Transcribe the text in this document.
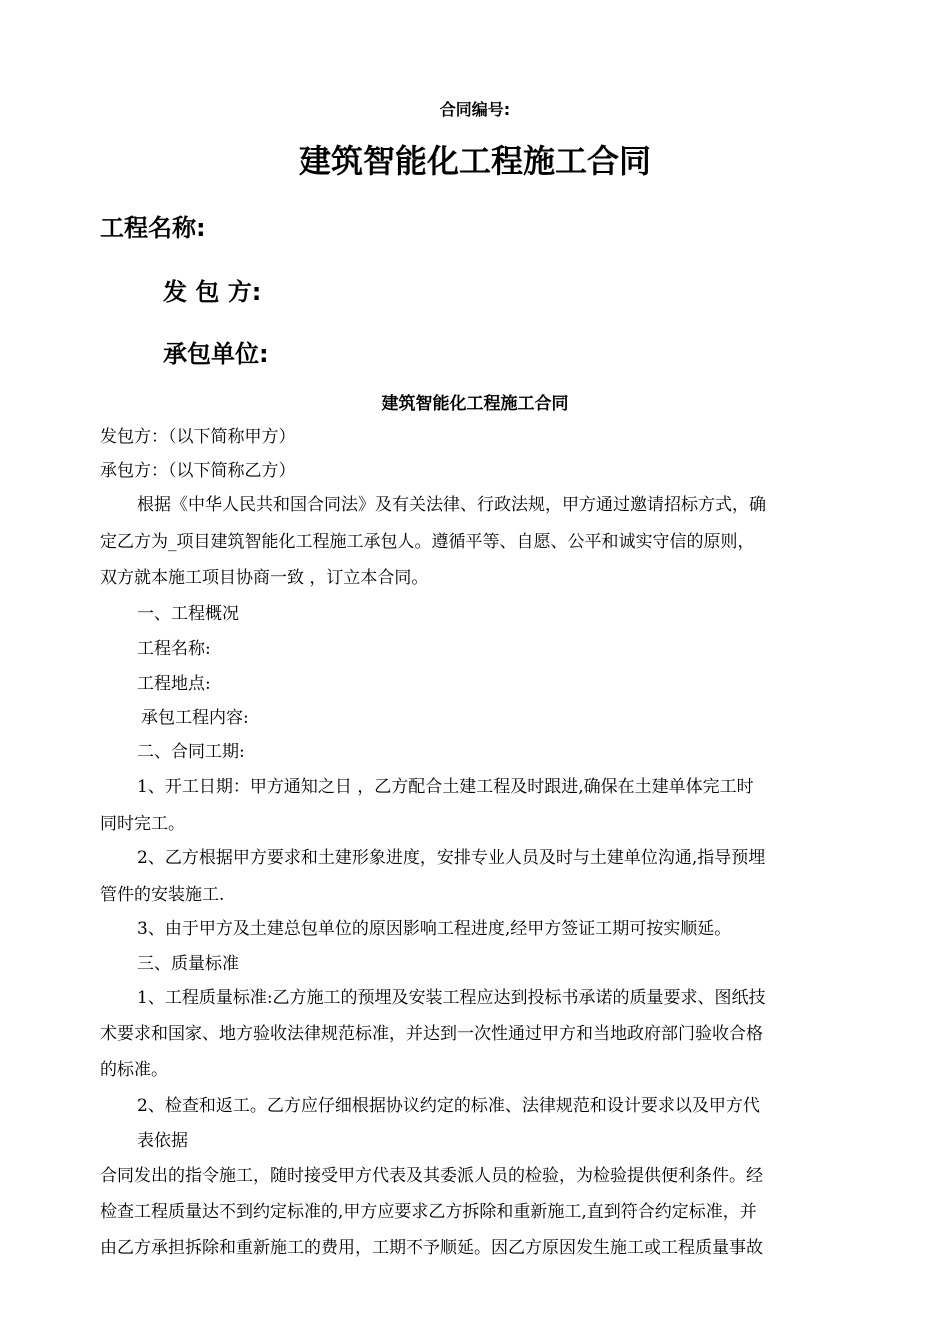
合同编号:
建筑智能化工程施工合同
工程名称:
发 包 方:
承包单位:
建筑智能化工程施工合同
发包方：（以下简称甲方）
承包方：（以下简称乙方）
根据《中华人民共和国合同法》及有关法律、行政法规，甲方通过邀请招标方式，确
定乙方为_项目建筑智能化工程施工承包人。遵循平等、自愿、公平和诚实守信的原则，
双方就本施工项目协商一致 ，订立本合同。
一、工程概况
工程名称:
工程地点:
承包工程内容:
二、合同工期:
1、开工日期：甲方通知之日 ，乙方配合土建工程及时跟进,确保在土建单体完工时
同时完工。
2、乙方根据甲方要求和土建形象进度，安排专业人员及时与土建单位沟通,指导预埋
管件的安装施工.
3、由于甲方及土建总包单位的原因影响工程进度,经甲方签证工期可按实顺延。
三、质量标准
1、工程质量标准:乙方施工的预埋及安装工程应达到投标书承诺的质量要求、图纸技
术要求和国家、地方验收法律规范标准，并达到一次性通过甲方和当地政府部门验收合格
的标准。
2、检查和返工。乙方应仔细根据协议约定的标准、法律规范和设计要求以及甲方代
表依据
合同发出的指令施工，随时接受甲方代表及其委派人员的检验，为检验提供便利条件。经
检查工程质量达不到约定标准的,甲方应要求乙方拆除和重新施工,直到符合约定标准，并
由乙方承担拆除和重新施工的费用，工期不予顺延。因乙方原因发生施工或工程质量事故
